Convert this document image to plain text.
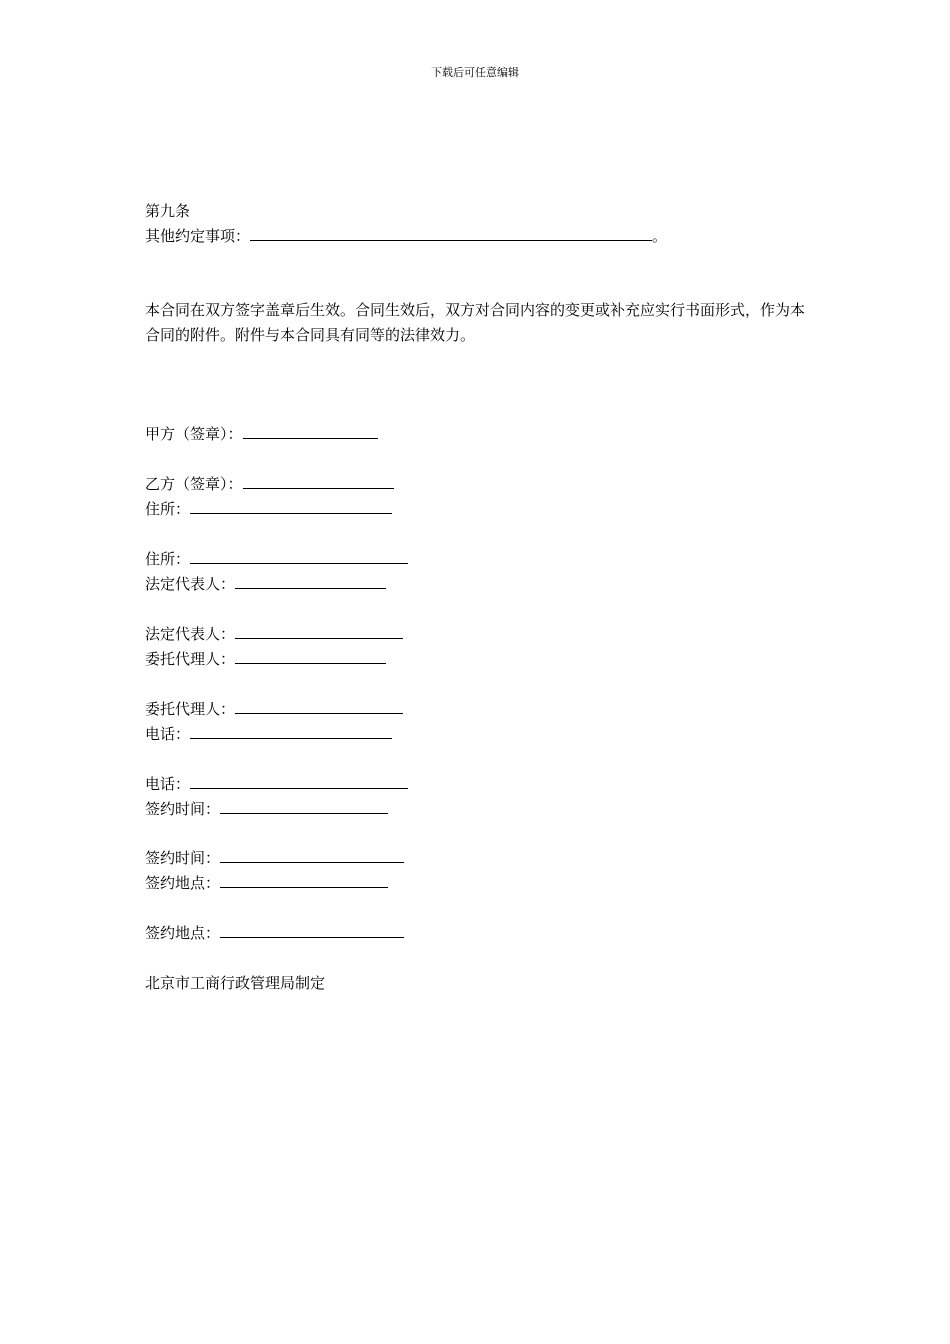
下载后可任意编辑
第九条
其他约定事项：	。
本合同在双方签字盖章后生效。合同生效后，双方对合同内容的变更或补充应实行书面形式，作为本合同的附件。附件与本合同具有同等的法律效力。
甲方（签章）：
乙方（签章）：
住所：
住所：
法定代表人：
法定代表人：
委托代理人：
委托代理人：
电话：
电话：
签约时间：
签约时间：
签约地点：
签约地点：
北京市工商行政管理局制定
